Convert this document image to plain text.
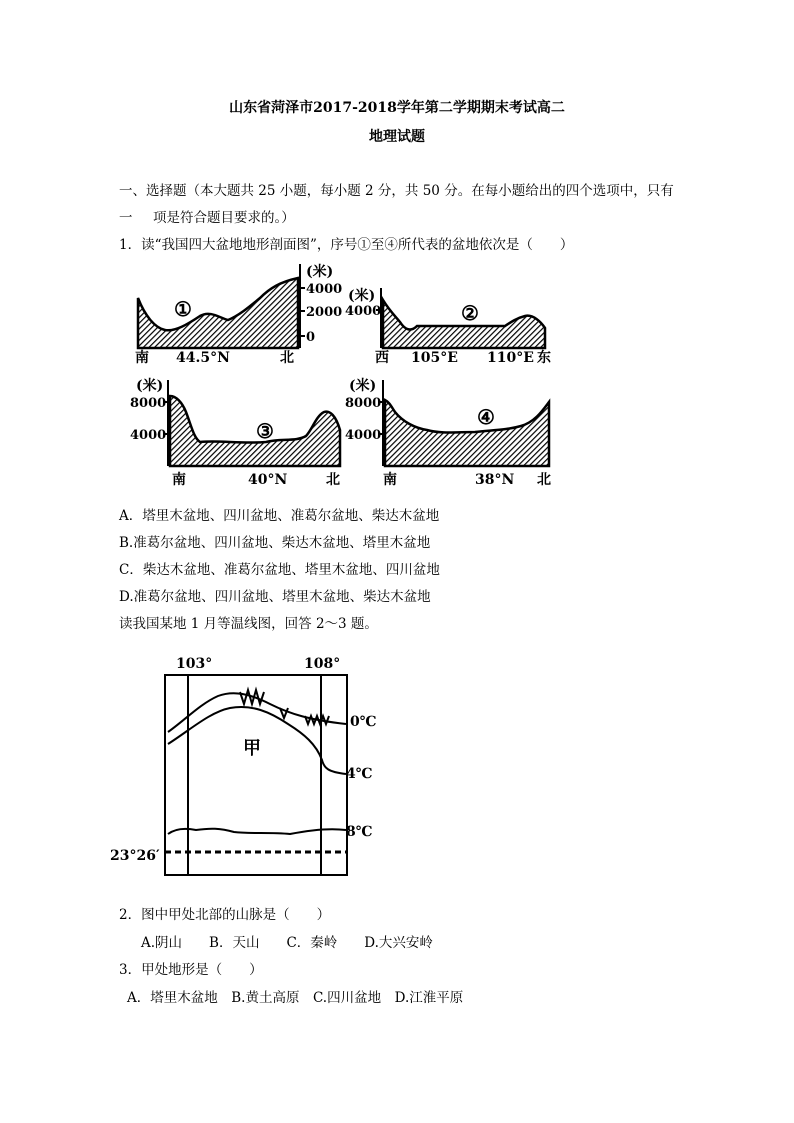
山东省菏泽市2017-2018学年第二学期期末考试高二
地理试题
一、选择题（本大题共 25 小题，每小题 2 分，共 50 分。在每小题给出的四个选项中，只有
一 项是符合题目要求的。）
1．读“我国四大盆地地形剖面图”，序号①至④所代表的盆地依次是（　　）
(米)
4000
2000
0
①
南 44.5°N	北
(米)
4000	②
西 105°E 110°E 东
(米)
8000
4000	③
南	40°N	北
(米)
8000
4000
④
南	38°N 北
A．塔里木盆地、四川盆地、准葛尔盆地、柴达木盆地
B.准葛尔盆地、四川盆地、柴达木盆地、塔里木盆地
C．柴达木盆地、准葛尔盆地、塔里木盆地、四川盆地
D.准葛尔盆地、四川盆地、塔里木盆地、柴达木盆地
读我国某地 1 月等温线图，回答 2～3 题。
103°	108°
0℃
4℃
8℃
甲
23°26′
2．图中甲处北部的山脉是（　　）
A.阴山　　B．天山　　C．秦岭　　D.大兴安岭
3．甲处地形是（　　）
A．塔里木盆地　B.黄土高原　C.四川盆地　D.江淮平原
